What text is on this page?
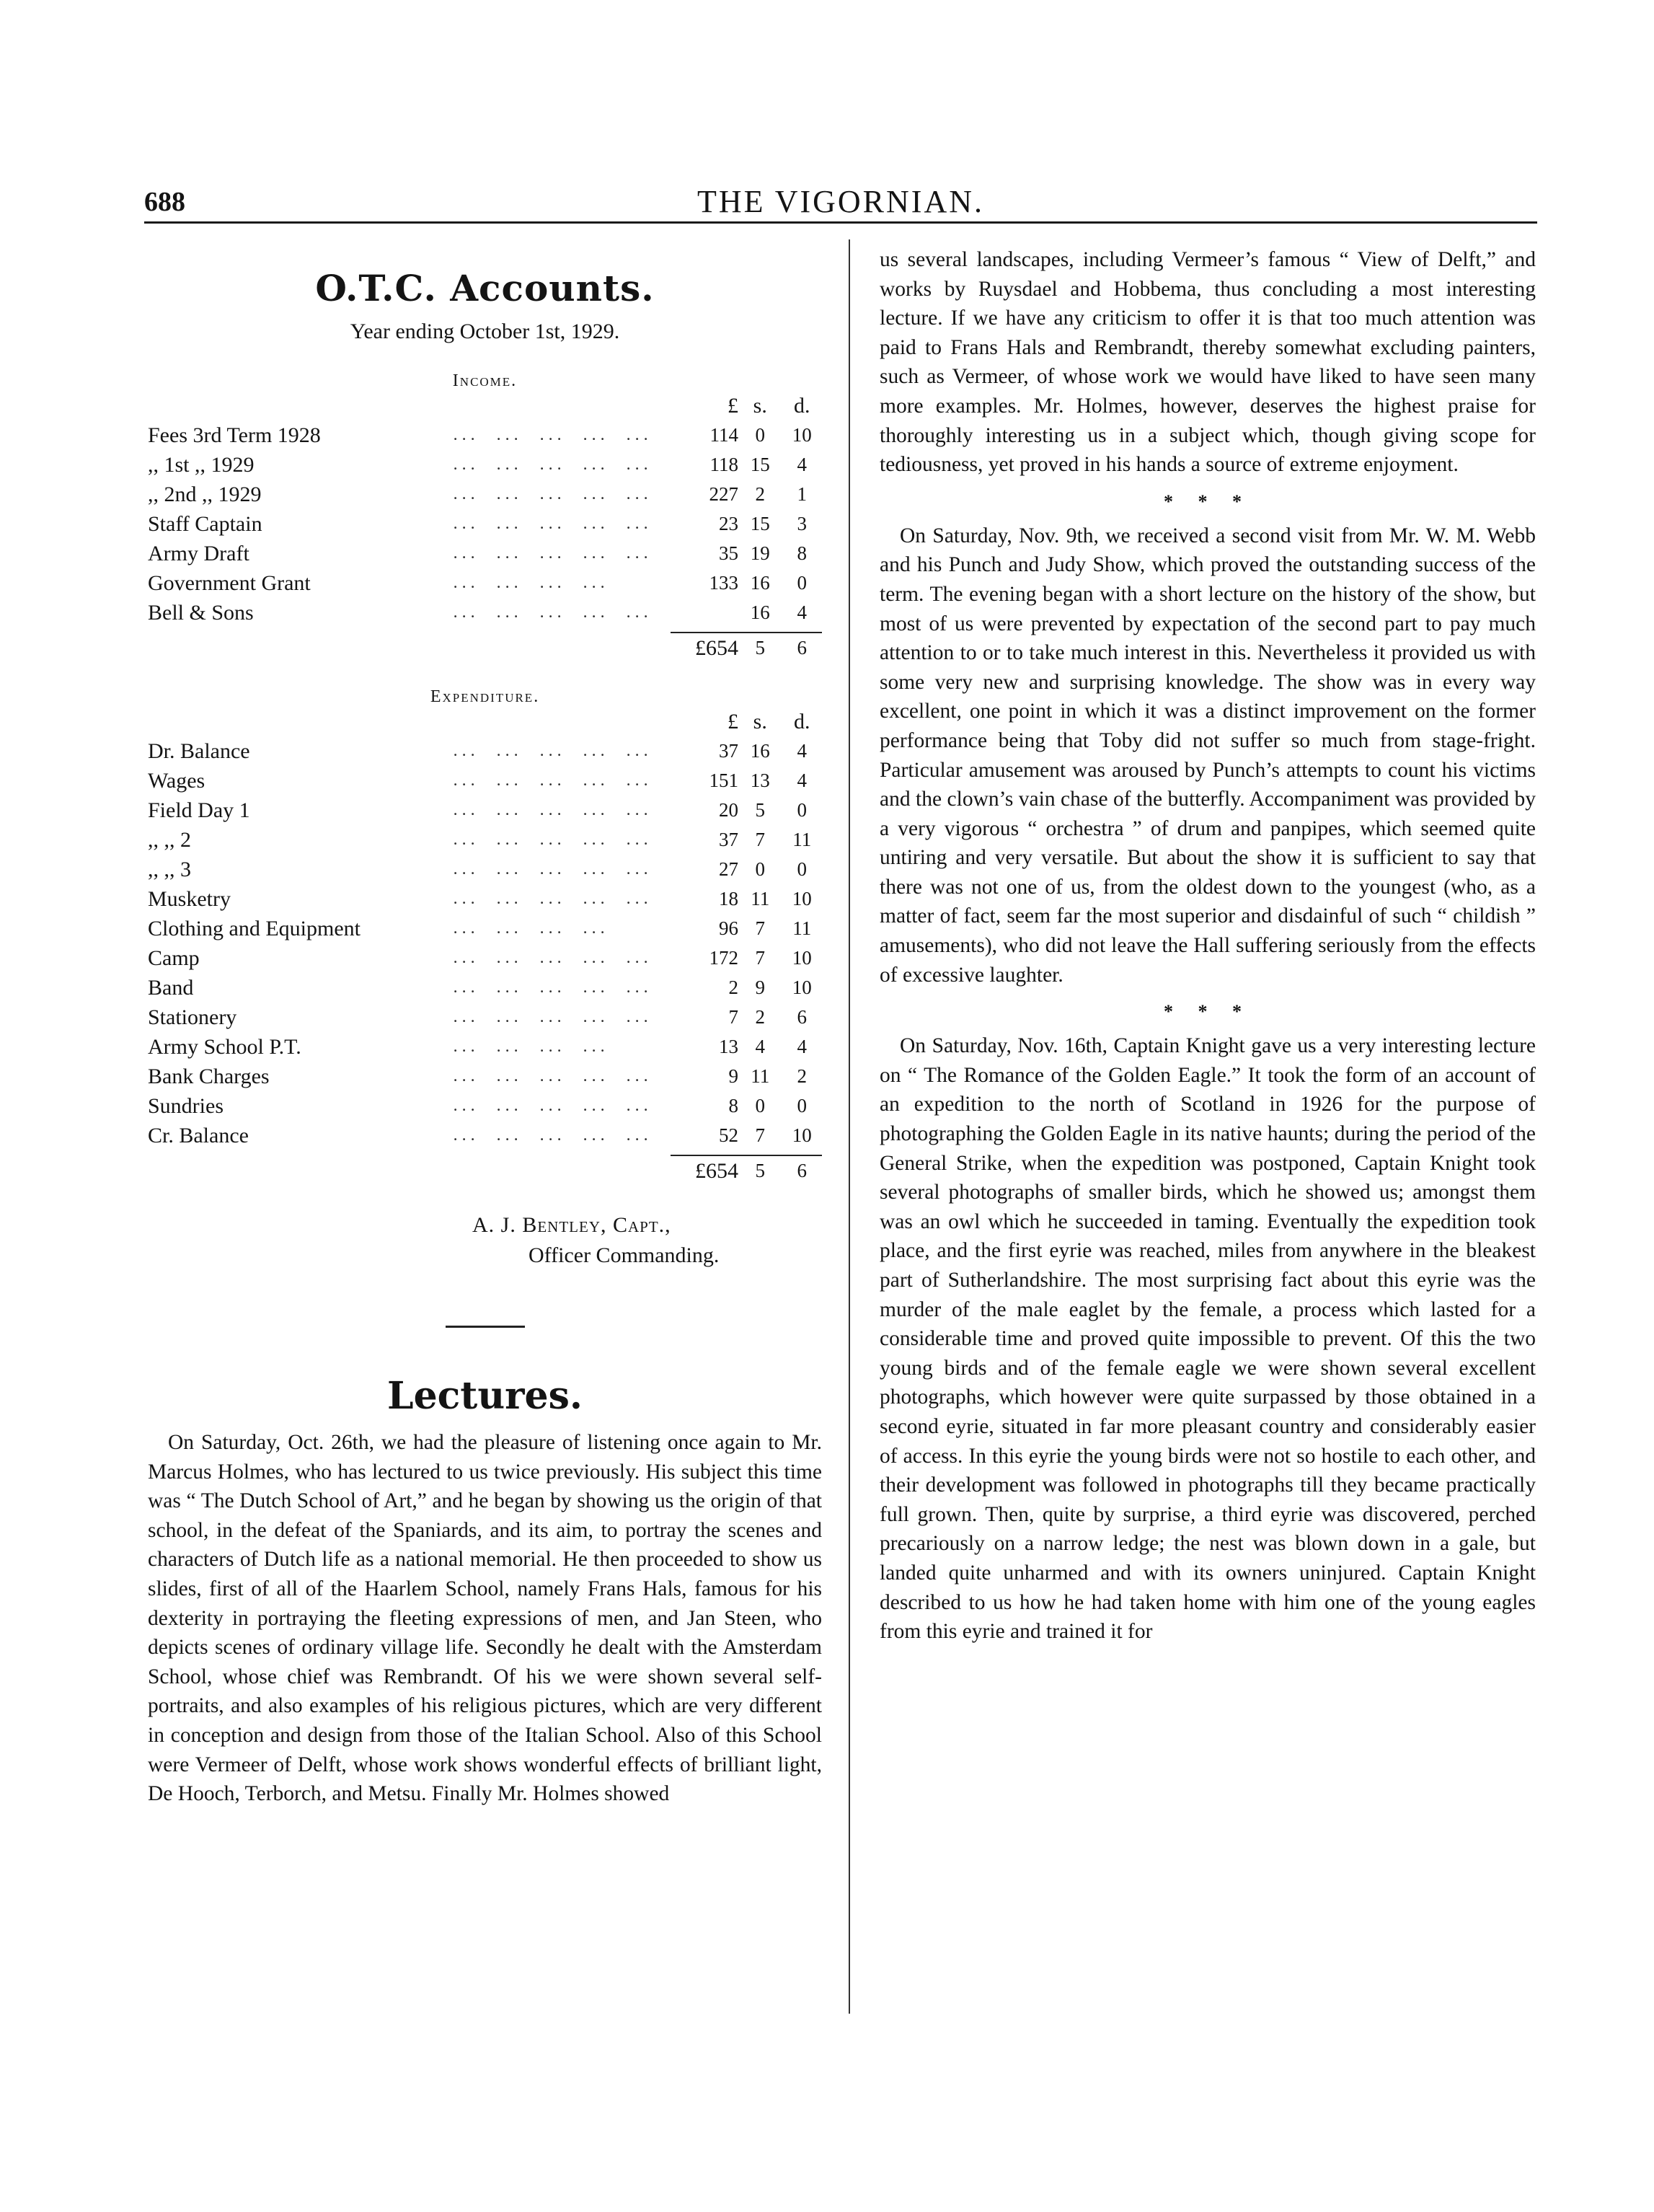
688	THE VIGORNIAN.
O.T.C. Accounts.
Year ending October 1st, 1929.
Income.
		£	s.	d.
Fees 3rd Term 1928	...  ...  ...  ...  ...	114	0	10
,, 1st ,, 1929	...  ...  ...  ...  ...	118	15	4
,, 2nd ,, 1929	...  ...  ...  ...  ...	227	2	1
Staff Captain	...  ...  ...  ...  ...	23	15	3
Army Draft	...  ...  ...  ...  ...	35	19	8
Government Grant	...  ...  ...  ...	133	16	0
Bell & Sons	...  ...  ...  ...  ...		16	4
		£654	5	6
Expenditure.
		£	s.	d.
Dr. Balance	...  ...  ...  ...  ...	37	16	4
Wages	...  ...  ...  ...  ...	151	13	4
Field Day 1	...  ...  ...  ...  ...	20	5	0
,, ,, 2	...  ...  ...  ...  ...	37	7	11
,, ,, 3	...  ...  ...  ...  ...	27	0	0
Musketry	...  ...  ...  ...  ...	18	11	10
Clothing and Equipment	...  ...  ...  ...	96	7	11
Camp	...  ...  ...  ...  ...	172	7	10
Band	...  ...  ...  ...  ...	2	9	10
Stationery	...  ...  ...  ...  ...	7	2	6
Army School P.T.	...  ...  ...  ...	13	4	4
Bank Charges	...  ...  ...  ...  ...	9	11	2
Sundries	...  ...  ...  ...  ...	8	0	0
Cr. Balance	...  ...  ...  ...  ...	52	7	10
		£654	5	6
A. J. Bentley, Capt.,
Officer Commanding.
Lectures.

On Saturday, Oct. 26th, we had the pleasure of listening once again to Mr. Marcus Holmes, who has lectured to us twice previously. His subject this time was “ The Dutch School of Art,” and he began by showing us the origin of that school, in the defeat of the Spaniards, and its aim, to portray the scenes and characters of Dutch life as a national memorial. He then proceeded to show us slides, first of all of the Haarlem School, namely Frans Hals, famous for his dexterity in portraying the fleeting expressions of men, and Jan Steen, who depicts scenes of ordinary village life. Secondly he dealt with the Amsterdam School, whose chief was Rembrandt. Of his we were shown several self-portraits, and also examples of his religious pictures, which are very different in conception and design from those of the Italian School. Also of this School were Vermeer of Delft, whose work shows wonderful effects of brilliant light, De Hooch, Terborch, and Metsu. Finally Mr. Holmes showed

us several landscapes, including Vermeer’s famous “ View of Delft,” and works by Ruysdael and Hobbema, thus concluding a most interesting lecture. If we have any criticism to offer it is that too much attention was paid to Frans Hals and Rembrandt, thereby somewhat excluding painters, such as Vermeer, of whose work we would have liked to have seen many more examples. Mr. Holmes, however, deserves the highest praise for thoroughly interesting us in a subject which, though giving scope for tediousness, yet proved in his hands a source of extreme enjoyment.

* * *

On Saturday, Nov. 9th, we received a second visit from Mr. W. M. Webb and his Punch and Judy Show, which proved the outstanding success of the term. The evening began with a short lecture on the history of the show, but most of us were prevented by expectation of the second part to pay much attention to or to take much interest in this. Nevertheless it provided us with some very new and surprising knowledge. The show was in every way excellent, one point in which it was a distinct improvement on the former performance being that Toby did not suffer so much from stage-fright. Particular amusement was aroused by Punch’s attempts to count his victims and the clown’s vain chase of the butterfly. Accompaniment was provided by a very vigorous “ orchestra ” of drum and panpipes, which seemed quite untiring and very versatile. But about the show it is sufficient to say that there was not one of us, from the oldest down to the youngest (who, as a matter of fact, seem far the most superior and disdainful of such “ childish ” amusements), who did not leave the Hall suffering seriously from the effects of excessive laughter.

* * *

On Saturday, Nov. 16th, Captain Knight gave us a very interesting lecture on “ The Romance of the Golden Eagle.” It took the form of an account of an expedition to the north of Scotland in 1926 for the purpose of photographing the Golden Eagle in its native haunts; during the period of the General Strike, when the expedition was postponed, Captain Knight took several photographs of smaller birds, which he showed us; amongst them was an owl which he succeeded in taming. Eventually the expedition took place, and the first eyrie was reached, miles from anywhere in the bleakest part of Sutherlandshire. The most surprising fact about this eyrie was the murder of the male eaglet by the female, a process which lasted for a considerable time and proved quite impossible to prevent. Of this the two young birds and of the female eagle we were shown several excellent photographs, which however were quite surpassed by those obtained in a second eyrie, situated in far more pleasant country and considerably easier of access. In this eyrie the young birds were not so hostile to each other, and their development was followed in photographs till they became practically full grown. Then, quite by surprise, a third eyrie was discovered, perched precariously on a narrow ledge; the nest was blown down in a gale, but landed quite unharmed and with its owners uninjured. Captain Knight described to us how he had taken home with him one of the young eagles from this eyrie and trained it for
